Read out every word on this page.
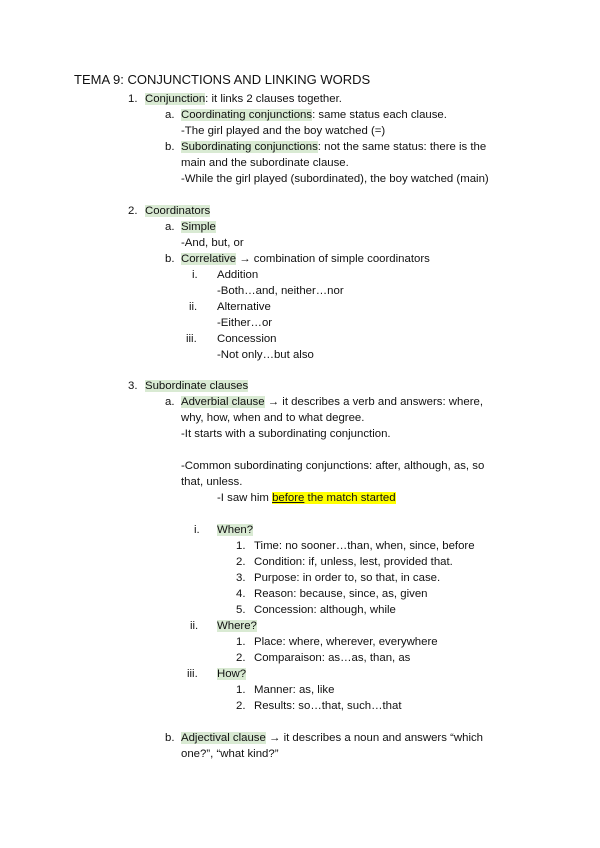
TEMA 9: CONJUNCTIONS AND LINKING WORDS
1. Conjunction: it links 2 clauses together.
a. Coordinating conjunctions: same status each clause.
-The girl played and the boy watched (=)
b. Subordinating conjunctions: not the same status: there is the
main and the subordinate clause.
-While the girl played (subordinated), the boy watched (main)
2. Coordinators
a. Simple
-And, but, or
b. Correlative → combination of simple coordinators
i. Addition
-Both…and, neither…nor
ii. Alternative
-Either…or
iii. Concession
-Not only…but also
3. Subordinate clauses
a. Adverbial clause → it describes a verb and answers: where,
why, how, when and to what degree.
-It starts with a subordinating conjunction.
-Common subordinating conjunctions: after, although, as, so
that, unless.
-I saw him before the match started
i. When?
1. Time: no sooner…than, when, since, before
2. Condition: if, unless, lest, provided that.
3. Purpose: in order to, so that, in case.
4. Reason: because, since, as, given
5. Concession: although, while
ii. Where?
1. Place: where, wherever, everywhere
2. Comparaison: as…as, than, as
iii. How?
1. Manner: as, like
2. Results: so…that, such…that
b. Adjectival clause → it describes a noun and answers “which
one?”, “what kind?”
